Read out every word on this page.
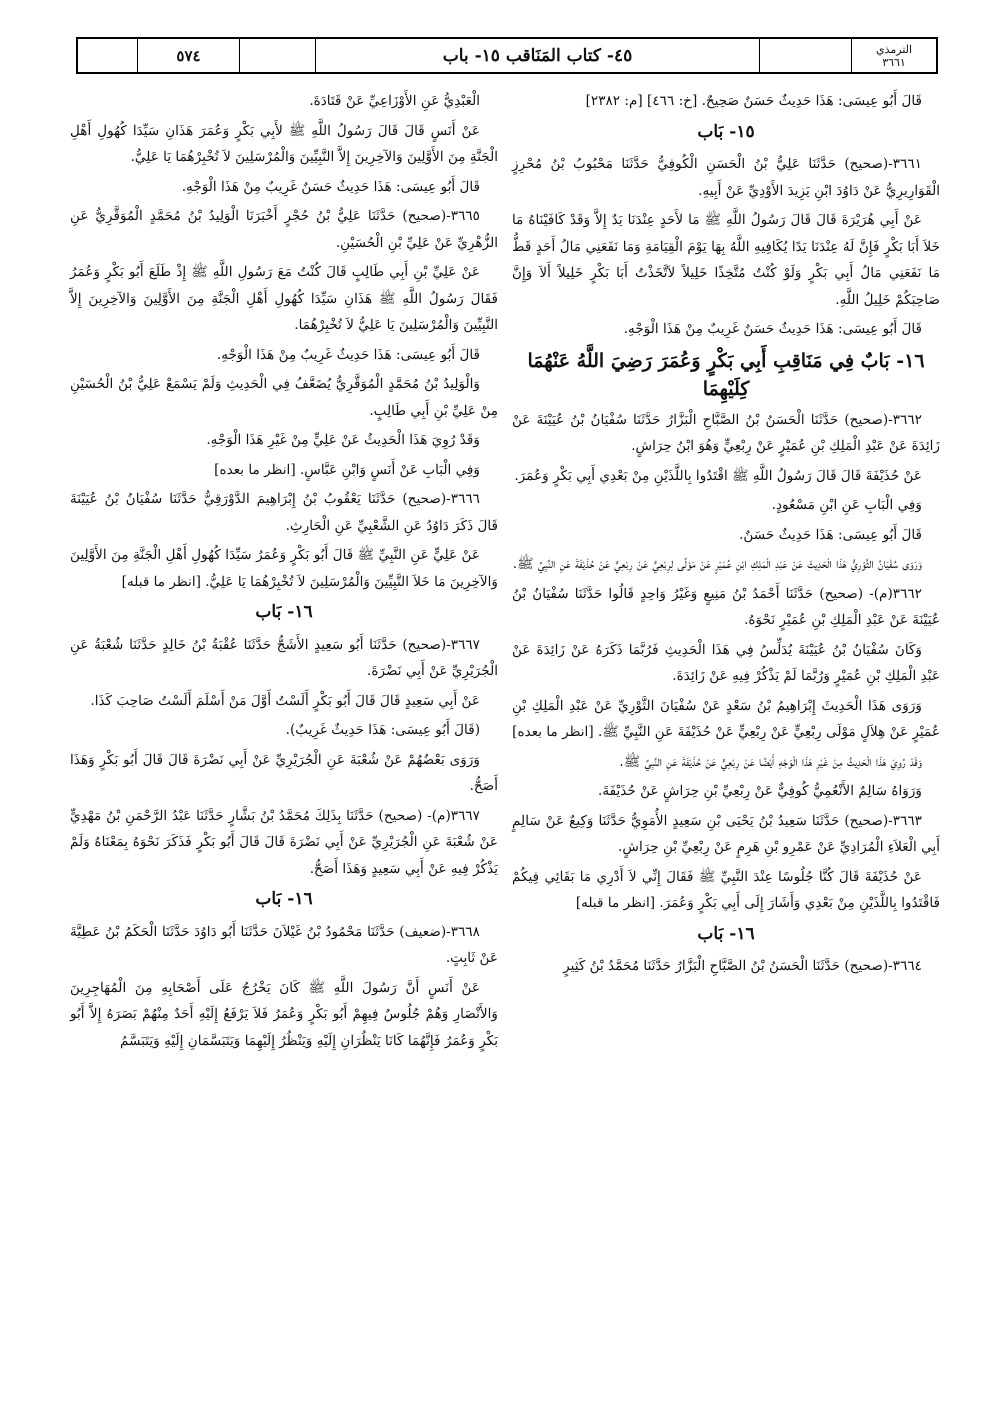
٥٧٤	٤٥- كتاب المَنَاقب ١٥- باب	الترمذي
٣٦٦١
قَالَ أَبُو عِيسَى: هَذَا حَدِيثٌ حَسَنٌ صَحِيحٌ. [خ: ٤٦٦] [م: ٢٣٨٢]
١٥- بَاب
٣٦٦١-(صحيح) حَدَّثَنَا عَلِيُّ بْنُ الْحَسَنِ الْكُوفِيُّ حَدَّثَنَا مَحْبُوبُ بْنُ مُحْرِزٍ الْقَوَارِيرِيُّ عَنْ دَاوُدَ ابْنِ يَزِيدَ الأَوْدِيِّ عَنْ أَبِيهِ.
عَنْ أَبِي هُرَيْرَةَ قَالَ قَالَ رَسُولُ اللَّهِ ﷺ مَا لأَحَدٍ عِنْدَنَا يَدٌ إِلاَّ وَقَدْ كَافَيْنَاهُ مَا خَلاَ أَبَا بَكْرٍ فَإِنَّ لَهُ عِنْدَنَا يَدًا يُكَافِيهِ اللَّهُ بِهَا يَوْمَ الْقِيَامَةِ وَمَا نَفَعَنِي مَالُ أَحَدٍ قَطُّ مَا نَفَعَنِي مَالُ أَبِي بَكْرٍ وَلَوْ كُنْتُ مُتَّخِذًا خَلِيلاً لاَتَّخَذْتُ أَبَا بَكْرٍ خَلِيلاً أَلاَ وَإِنَّ صَاحِبَكُمْ خَلِيلُ اللَّهِ.
قَالَ أَبُو عِيسَى: هَذَا حَدِيثٌ حَسَنٌ غَرِيبٌ مِنْ هَذَا الْوَجْهِ.
١٦- بَابٌ فِي مَنَاقِبِ أَبِي بَكْرٍ وَعُمَرَ رَضِيَ اللَّهُ عَنْهُمَا كِلَيْهِمَا
٣٦٦٢-(صحيح) حَدَّثَنَا الْحَسَنُ بْنُ الصَّبَّاحِ الْبَزَّارُ حَدَّثَنَا سُفْيَانُ بْنُ عُيَيْنَةَ عَنْ زَائِدَةَ عَنْ عَبْدِ الْمَلِكِ بْنِ عُمَيْرٍ عَنْ رِبْعِيٍّ وَهُوَ ابْنُ حِرَاشٍ.
عَنْ حُذَيْفَةَ قَالَ قَالَ رَسُولُ اللَّهِ ﷺ اقْتَدُوا بِاللَّذَيْنِ مِنْ بَعْدِي أَبِي بَكْرٍ وَعُمَرَ.
وَفِي الْبَابِ عَنِ ابْنِ مَسْعُودٍ.
قَالَ أَبُو عِيسَى: هَذَا حَدِيثٌ حَسَنٌ.
وَرَوَى سُفْيَانُ الثَّوْرِيُّ هَذَا الْحَدِيثَ عَنْ عَبْدِ الْمَلِكِ ابْنِ عُمَيْرٍ عَنْ مَوْلًى لِرِبْعِيٍّ عَنْ رِبْعِيٍّ عَنْ حُذَيْفَةَ عَنِ النَّبِيِّ ﷺ.
٣٦٦٢(م)- (صحيح) حَدَّثَنَا أَحْمَدُ بْنُ مَنِيعٍ وَغَيْرُ وَاحِدٍ قَالُوا حَدَّثَنَا سُفْيَانُ بْنُ عُيَيْنَةَ عَنْ عَبْدِ الْمَلِكِ بْنِ عُمَيْرٍ نَحْوَهُ.
وَكَانَ سُفْيَانُ بْنُ عُيَيْنَةَ يُدَلِّسُ فِي هَذَا الْحَدِيثِ فَرُبَّمَا ذَكَرَهُ عَنْ زَائِدَةَ عَنْ عَبْدِ الْمَلِكِ بْنِ عُمَيْرٍ وَرُبَّمَا لَمْ يَذْكُرْ فِيهِ عَنْ زَائِدَةَ.
وَرَوَى هَذَا الْحَدِيثَ إِبْرَاهِيمُ بْنُ سَعْدٍ عَنْ سُفْيَانَ الثَّوْرِيِّ عَنْ عَبْدِ الْمَلِكِ بْنِ عُمَيْرٍ عَنْ هِلاَلٍ مَوْلَى رِبْعِيٍّ عَنْ رِبْعِيٍّ عَنْ حُذَيْفَةَ عَنِ النَّبِيِّ ﷺ. [انظر ما بعده]
وَقَدْ رُوِيَ هَذَا الْحَدِيثُ مِنْ غَيْرِ هَذَا الْوَجْهِ أَيْضًا عَنْ رِبْعِيٍّ عَنْ حُذَيْفَةَ عَنِ النَّبِيِّ ﷺ.
وَرَوَاهُ سَالِمٌ الأَنْعُمِيُّ كُوفِيٌّ عَنْ رِبْعِيِّ بْنِ حِرَاشٍ عَنْ حُذَيْفَةَ.
٣٦٦٣-(صحيح) حَدَّثَنَا سَعِيدُ بْنُ يَحْيَى بْنِ سَعِيدٍ الأُمَوِيُّ حَدَّثَنَا وَكِيعٌ عَنْ سَالِمٍ أَبِي الْعَلاَءِ الْمُرَادِيِّ عَنْ عَمْرِو بْنِ هَرِمٍ عَنْ رِبْعِيِّ بْنِ حِرَاشٍ.
عَنْ حُذَيْفَةَ قَالَ كُنَّا جُلُوسًا عِنْدَ النَّبِيِّ ﷺ فَقَالَ إِنِّي لاَ أَدْرِي مَا بَقَائِي فِيكُمْ فَاقْتَدُوا بِاللَّذَيْنِ مِنْ بَعْدِي وَأَشَارَ إِلَى أَبِي بَكْرٍ وَعُمَرَ. [انظر ما قبله]
١٦- بَاب
٣٦٦٤-(صحيح) حَدَّثَنَا الْحَسَنُ بْنُ الصَّبَّاحِ الْبَزَّارُ حَدَّثَنَا مُحَمَّدُ بْنُ كَثِيرٍ
الْعَبْدِيُّ عَنِ الأَوْزَاعِيِّ عَنْ قَتَادَةَ.
عَنْ أَنَسٍ قَالَ قَالَ رَسُولُ اللَّهِ ﷺ لأَبِي بَكْرٍ وَعُمَرَ هَذَانِ سَيِّدَا كُهُولِ أَهْلِ الْجَنَّةِ مِنَ الأَوَّلِينَ وَالآخِرِينَ إِلاَّ النَّبِيِّينَ وَالْمُرْسَلِينَ لاَ تُخْبِرْهُمَا يَا عَلِيُّ.
قَالَ أَبُو عِيسَى: هَذَا حَدِيثٌ حَسَنٌ غَرِيبٌ مِنْ هَذَا الْوَجْهِ.
٣٦٦٥-(صحيح) حَدَّثَنَا عَلِيُّ بْنُ حُجْرٍ أَخْبَرَنَا الْوَلِيدُ بْنُ مُحَمَّدٍ الْمُوَقَّرِيُّ عَنِ الزُّهْرِيِّ عَنْ عَلِيِّ بْنِ الْحُسَيْنِ.
عَنْ عَلِيِّ بْنِ أَبِي طَالِبٍ قَالَ كُنْتُ مَعَ رَسُولِ اللَّهِ ﷺ إِذْ طَلَعَ أَبُو بَكْرٍ وَعُمَرُ فَقَالَ رَسُولُ اللَّهِ ﷺ هَذَانِ سَيِّدَا كُهُولِ أَهْلِ الْجَنَّةِ مِنَ الأَوَّلِينَ وَالآخِرِينَ إِلاَّ النَّبِيِّينَ وَالْمُرْسَلِينَ يَا عَلِيُّ لاَ تُخْبِرْهُمَا.
قَالَ أَبُو عِيسَى: هَذَا حَدِيثٌ غَرِيبٌ مِنْ هَذَا الْوَجْهِ.
وَالْوَلِيدُ بْنُ مُحَمَّدٍ الْمُوَقَّرِيُّ يُضَعَّفُ فِي الْحَدِيثِ وَلَمْ يَسْمَعْ عَلِيُّ بْنُ الْحُسَيْنِ مِنْ عَلِيِّ بْنِ أَبِي طَالِبٍ.
وَقَدْ رُوِيَ هَذَا الْحَدِيثُ عَنْ عَلِيٍّ مِنْ غَيْرِ هَذَا الْوَجْهِ.
وَفِي الْبَابِ عَنْ أَنَسٍ وَابْنِ عَبَّاسٍ. [انظر ما بعده]
٣٦٦٦-(صحيح) حَدَّثَنَا يَعْقُوبُ بْنُ إِبْرَاهِيمَ الدَّوْرَقِيُّ حَدَّثَنَا سُفْيَانُ بْنُ عُيَيْنَةَ قَالَ ذَكَرَ دَاوُدُ عَنِ الشَّعْبِيِّ عَنِ الْحَارِثِ.
عَنْ عَلِيٍّ عَنِ النَّبِيِّ ﷺ قَالَ أَبُو بَكْرٍ وَعُمَرُ سَيِّدَا كُهُولِ أَهْلِ الْجَنَّةِ مِنَ الأَوَّلِينَ وَالآخِرِينَ مَا خَلاَ النَّبِيِّينَ وَالْمُرْسَلِينَ لاَ تُخْبِرْهُمَا يَا عَلِيُّ. [انظر ما قبله]
١٦- بَاب
٣٦٦٧-(صحيح) حَدَّثَنَا أَبُو سَعِيدٍ الأَشَجُّ حَدَّثَنَا عُقْبَةُ بْنُ خَالِدٍ حَدَّثَنَا شُعْبَةُ عَنِ الْجُرَيْرِيِّ عَنْ أَبِي نَضْرَةَ.
عَنْ أَبِي سَعِيدٍ قَالَ قَالَ أَبُو بَكْرٍ أَلَسْتُ أَوَّلَ مَنْ أَسْلَمَ أَلَسْتُ صَاحِبَ كَذَا.
(قَالَ أَبُو عِيسَى: هَذَا حَدِيثٌ غَرِيبٌ).
وَرَوَى بَعْضُهُمْ عَنْ شُعْبَةَ عَنِ الْجُرَيْرِيِّ عَنْ أَبِي نَضْرَةَ قَالَ قَالَ أَبُو بَكْرٍ وَهَذَا أَصَحُّ.
٣٦٦٧(م)- (صحيح) حَدَّثَنَا بِذَلِكَ مُحَمَّدُ بْنُ بَشَّارٍ حَدَّثَنَا عَبْدُ الرَّحْمَنِ بْنُ مَهْدِيٍّ عَنْ شُعْبَةَ عَنِ الْجُرَيْرِيِّ عَنْ أَبِي نَضْرَةَ قَالَ قَالَ أَبُو بَكْرٍ فَذَكَرَ نَحْوَهُ بِمَعْنَاهُ وَلَمْ يَذْكُرْ فِيهِ عَنْ أَبِي سَعِيدٍ وَهَذَا أَصَحُّ.
١٦- بَاب
٣٦٦٨-(ضعيف) حَدَّثَنَا مَحْمُودُ بْنُ غَيْلاَنَ حَدَّثَنَا أَبُو دَاوُدَ حَدَّثَنَا الْحَكَمُ بْنُ عَطِيَّةَ عَنْ ثَابِتٍ.
عَنْ أَنَسٍ أَنَّ رَسُولَ اللَّهِ ﷺ كَانَ يَخْرُجُ عَلَى أَصْحَابِهِ مِنَ الْمُهَاجِرِينَ وَالأَنْصَارِ وَهُمْ جُلُوسٌ فِيهِمْ أَبُو بَكْرٍ وَعُمَرُ فَلاَ يَرْفَعُ إِلَيْهِ أَحَدٌ مِنْهُمْ بَصَرَهُ إِلاَّ أَبُو بَكْرٍ وَعُمَرُ فَإِنَّهُمَا كَانَا يَنْظُرَانِ إِلَيْهِ وَيَنْظُرُ إِلَيْهِمَا وَيَتَبَسَّمَانِ إِلَيْهِ وَيَتَبَسَّمُ
